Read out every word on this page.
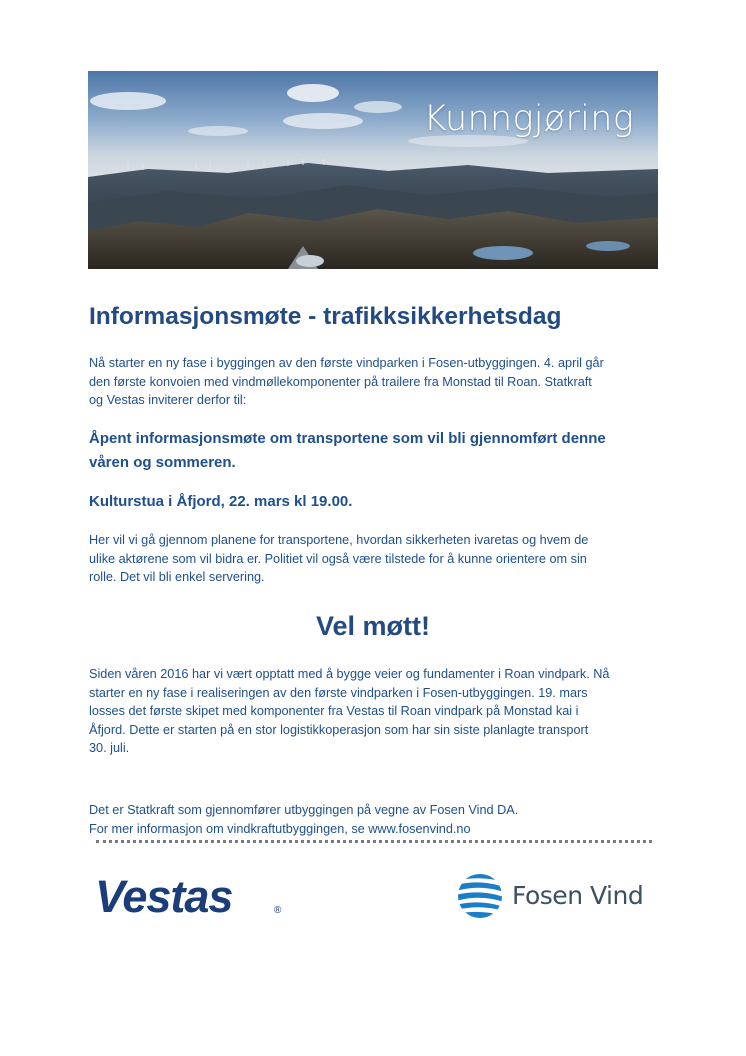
Kunngjøring
Informasjonsmøte - trafikksikkerhetsdag
Nå starter en ny fase i byggingen av den første vindparken i Fosen-utbyggingen. 4. april går
den første konvoien med vindmøllekomponenter på trailere fra Monstad til Roan. Statkraft
og Vestas inviterer derfor til:
Åpent informasjonsmøte om transportene som vil bli gjennomført denne
våren og sommeren.
Kulturstua i Åfjord, 22. mars kl 19.00.
Her vil vi gå gjennom planene for transportene, hvordan sikkerheten ivaretas og hvem de
ulike aktørene som vil bidra er. Politiet vil også være tilstede for å kunne orientere om sin
rolle. Det vil bli enkel servering.
Vel møtt!
Siden våren 2016 har vi vært opptatt med å bygge veier og fundamenter i Roan vindpark. Nå
starter en ny fase i realiseringen av den første vindparken i Fosen-utbyggingen. 19. mars
losses det første skipet med komponenter fra Vestas til Roan vindpark på Monstad kai i
Åfjord. Dette er starten på en stor logistikkoperasjon som har sin siste planlagte transport
30. juli.
Det er Statkraft som gjennomfører utbyggingen på vegne av Fosen Vind DA.
For mer informasjon om vindkraftutbyggingen, se www.fosenvind.no
Vestas	®
Fosen Vind
